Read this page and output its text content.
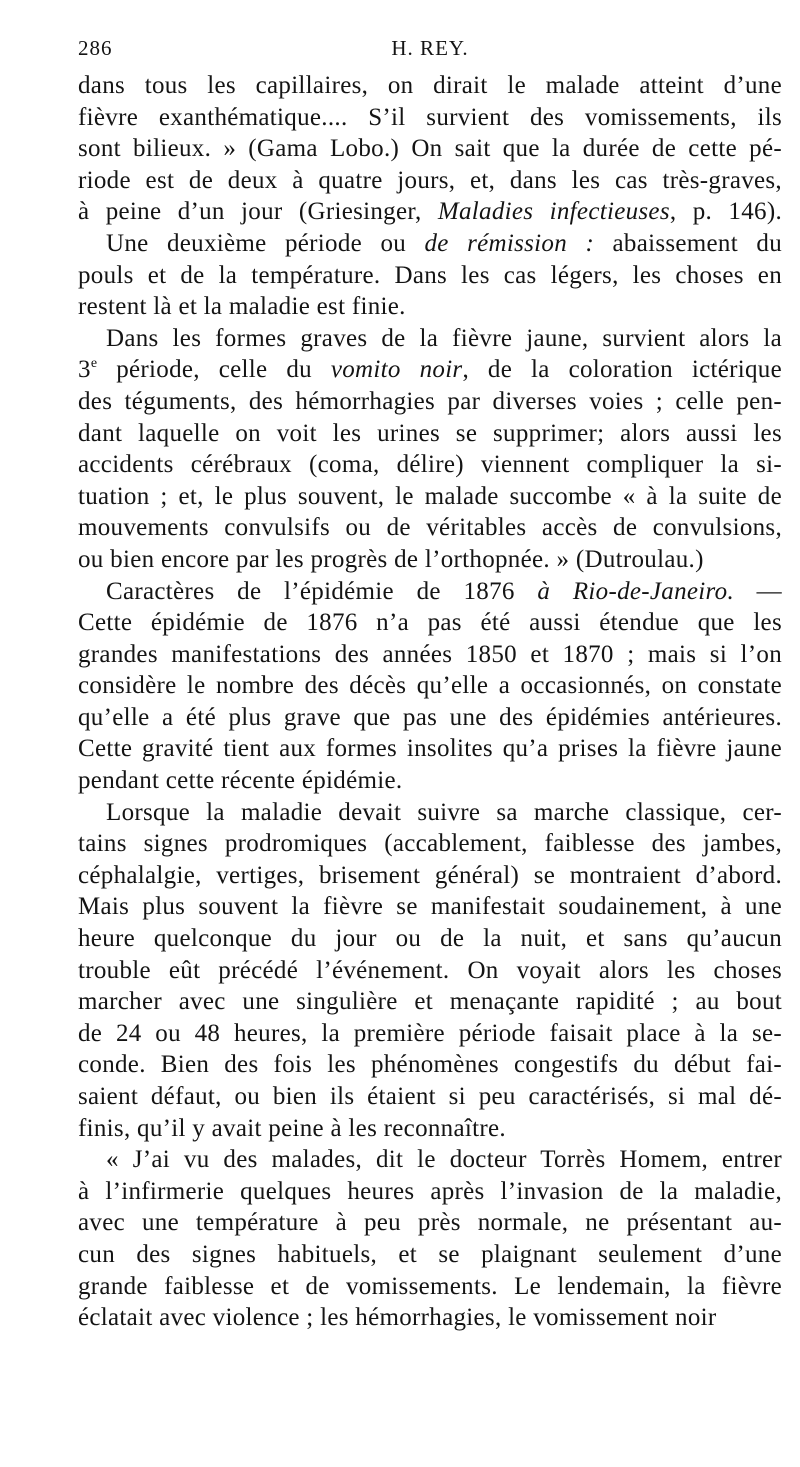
286	H. REY.
dans tous les capillaires, on dirait le malade atteint d’une
fièvre exanthématique.... S’il survient des vomissements, ils
sont bilieux. » (Gama Lobo.) On sait que la durée de cette pé-
riode est de deux à quatre jours, et, dans les cas très-graves,
à peine d’un jour (Griesinger, Maladies infectieuses, p. 146).
Une deuxième période ou de rémission : abaissement du
pouls et de la température. Dans les cas légers, les choses en
restent là et la maladie est finie.
Dans les formes graves de la fièvre jaune, survient alors la
3e période, celle du vomito noir, de la coloration ictérique
des téguments, des hémorrhagies par diverses voies ; celle pen-
dant laquelle on voit les urines se supprimer; alors aussi les
accidents cérébraux (coma, délire) viennent compliquer la si-
tuation ; et, le plus souvent, le malade succombe « à la suite de
mouvements convulsifs ou de véritables accès de convulsions,
ou bien encore par les progrès de l’orthopnée. » (Dutroulau.)
Caractères de l’épidémie de 1876 à Rio-de-Janeiro. —
Cette épidémie de 1876 n’a pas été aussi étendue que les
grandes manifestations des années 1850 et 1870 ; mais si l’on
considère le nombre des décès qu’elle a occasionnés, on constate
qu’elle a été plus grave que pas une des épidémies antérieures.
Cette gravité tient aux formes insolites qu’a prises la fièvre jaune
pendant cette récente épidémie.
Lorsque la maladie devait suivre sa marche classique, cer-
tains signes prodromiques (accablement, faiblesse des jambes,
céphalalgie, vertiges, brisement général) se montraient d’abord.
Mais plus souvent la fièvre se manifestait soudainement, à une
heure quelconque du jour ou de la nuit, et sans qu’aucun
trouble eût précédé l’événement. On voyait alors les choses
marcher avec une singulière et menaçante rapidité ; au bout
de 24 ou 48 heures, la première période faisait place à la se-
conde. Bien des fois les phénomènes congestifs du début fai-
saient défaut, ou bien ils étaient si peu caractérisés, si mal dé-
finis, qu’il y avait peine à les reconnaître.
« J’ai vu des malades, dit le docteur Torrès Homem, entrer
à l’infirmerie quelques heures après l’invasion de la maladie,
avec une température à peu près normale, ne présentant au-
cun des signes habituels, et se plaignant seulement d’une
grande faiblesse et de vomissements. Le lendemain, la fièvre
éclatait avec violence ; les hémorrhagies, le vomissement noir
